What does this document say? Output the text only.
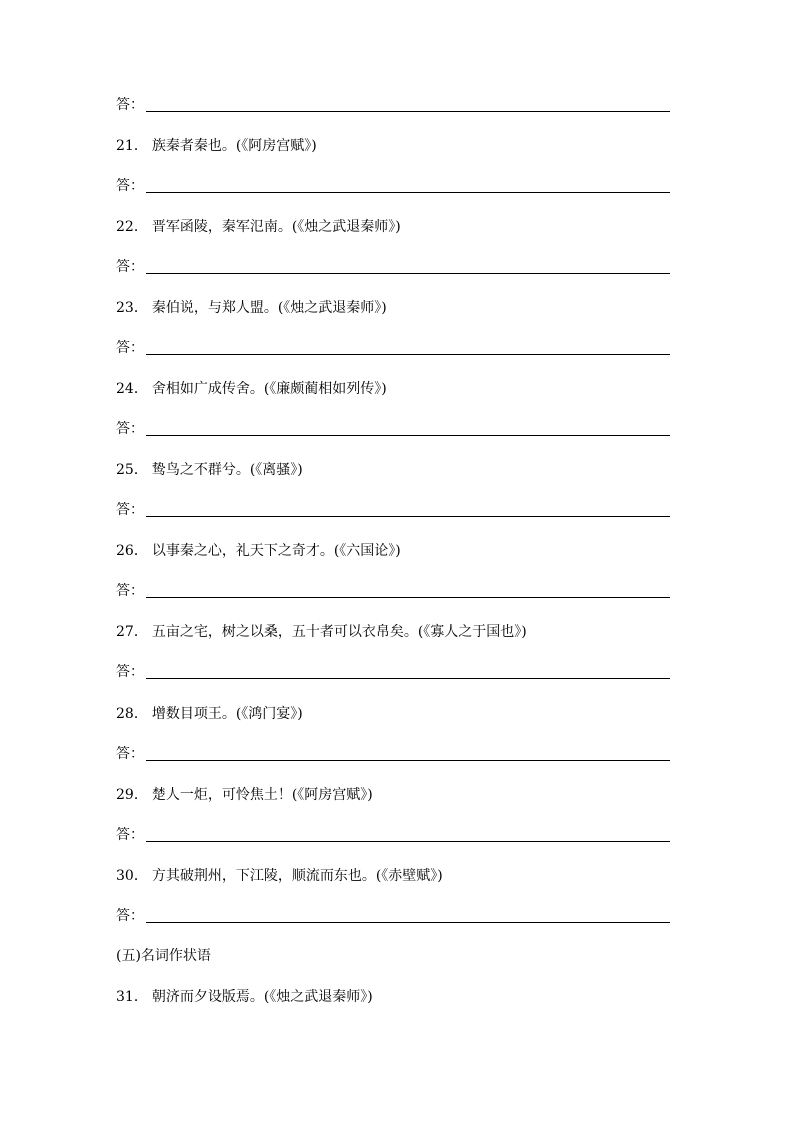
答：
21． 族秦者秦也。(《阿房宫赋》)
答：
22． 晋军函陵，秦军氾南。(《烛之武退秦师》)
答：
23． 秦伯说，与郑人盟。(《烛之武退秦师》)
答：
24． 舍相如广成传舍。(《廉颇蔺相如列传》)
答：
25． 鸷鸟之不群兮。(《离骚》)
答：
26． 以事秦之心，礼天下之奇才。(《六国论》)
答：
27． 五亩之宅，树之以桑，五十者可以衣帛矣。(《寡人之于国也》)
答：
28． 增数目项王。(《鸿门宴》)
答：
29． 楚人一炬，可怜焦土！(《阿房宫赋》)
答：
30． 方其破荆州，下江陵，顺流而东也。(《赤壁赋》)
答：
(五)名词作状语
31． 朝济而夕设版焉。(《烛之武退秦师》)
